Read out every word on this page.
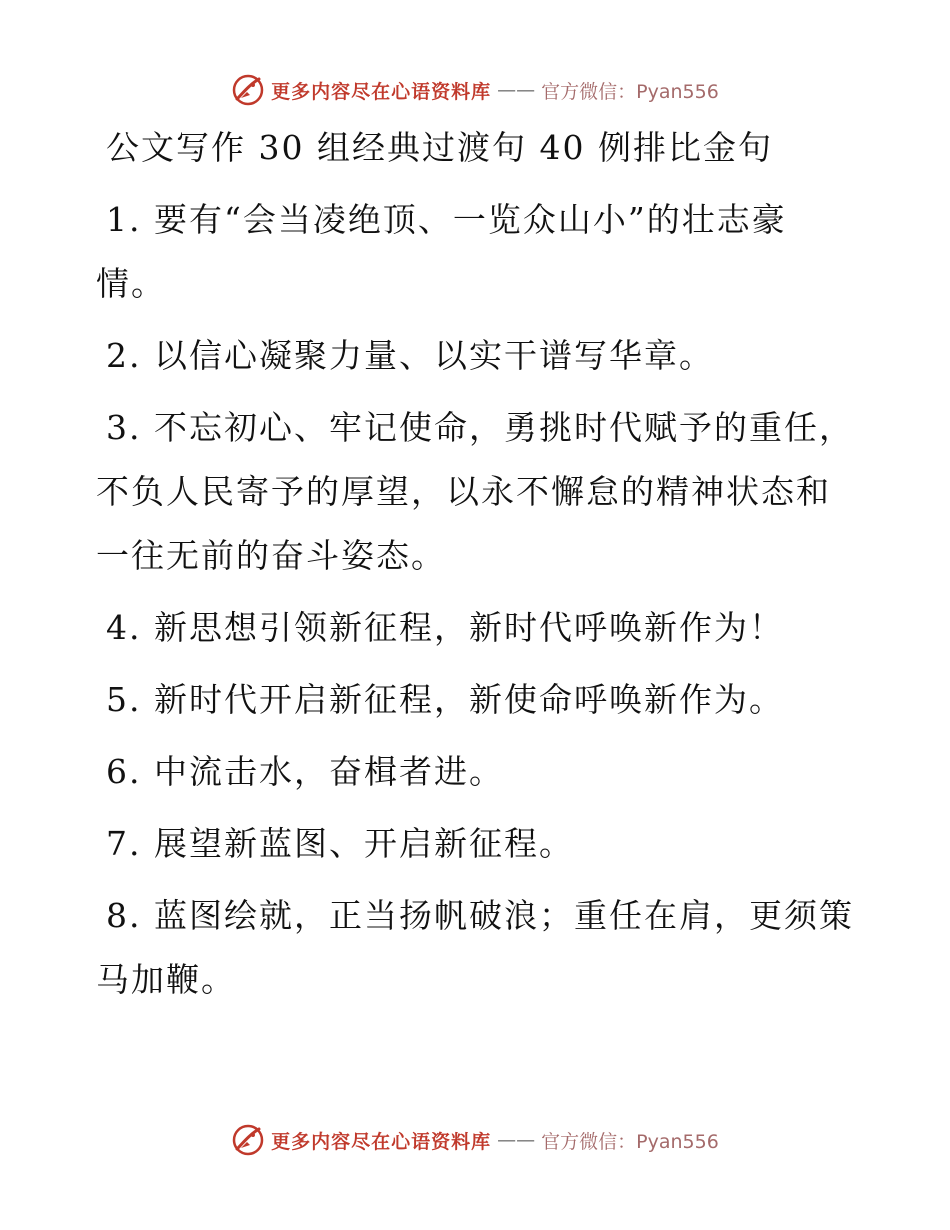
更多内容尽在心语资料库 —— 官方微信：Pyan556
公文写作 30 组经典过渡句 40 例排比金句
1. 要有“会当凌绝顶、一览众山小”的壮志豪情。
2. 以信心凝聚力量、以实干谱写华章。
3. 不忘初心、牢记使命，勇挑时代赋予的重任，不负人民寄予的厚望，以永不懈怠的精神状态和一往无前的奋斗姿态。
4. 新思想引领新征程，新时代呼唤新作为！
5. 新时代开启新征程，新使命呼唤新作为。
6. 中流击水，奋楫者进。
7. 展望新蓝图、开启新征程。
8. 蓝图绘就，正当扬帆破浪；重任在肩，更须策马加鞭。
更多内容尽在心语资料库 —— 官方微信：Pyan556
